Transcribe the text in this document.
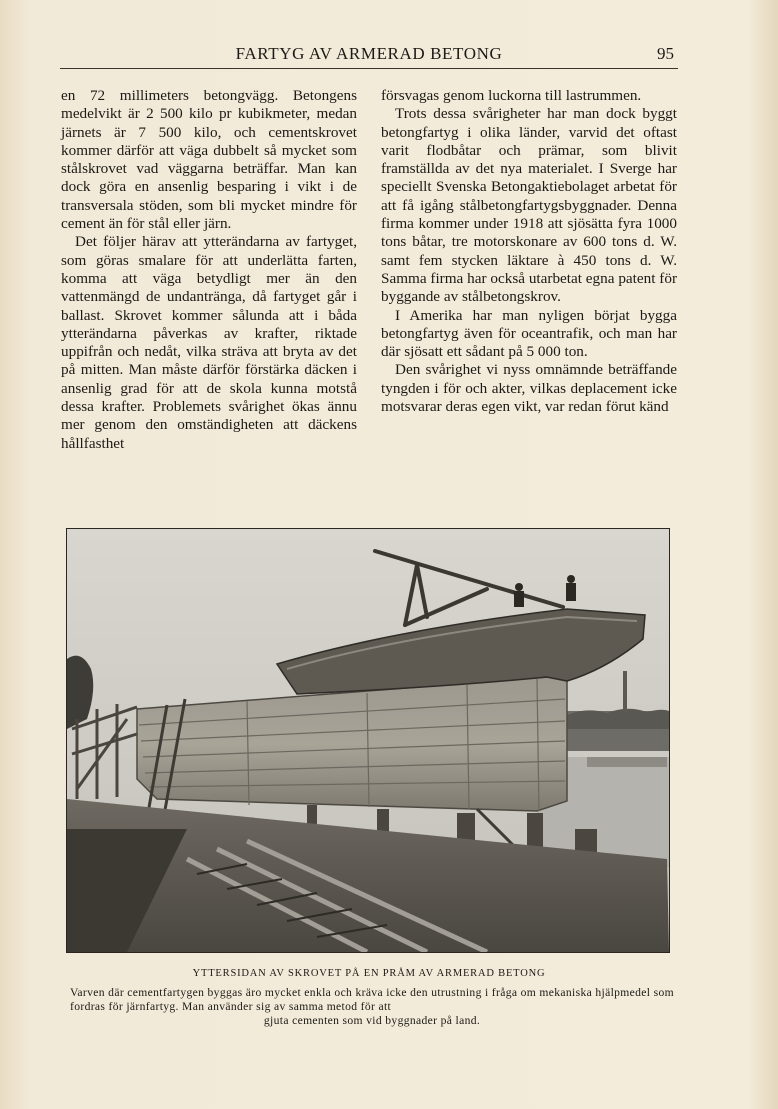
FARTYG AV ARMERAD BETONG	95

en 72 millimeters betongvägg. Betongens medelvikt är 2 500 kilo pr kubikmeter, medan järnets är 7 500 kilo, och cementskrovet kommer därför att väga dubbelt så mycket som stålskrovet vad väggarna beträffar. Man kan dock göra en ansenlig besparing i vikt i de transversala stöden, som bli mycket mindre för cement än för stål eller järn.

Det följer härav att ytterändarna av fartyget, som göras smalare för att underlätta farten, komma att väga betydligt mer än den vattenmängd de undantränga, då fartyget går i ballast. Skrovet kommer sålunda att i båda ytterändarna påverkas av krafter, riktade uppifrån och nedåt, vilka sträva att bryta av det på mitten. Man måste därför förstärka däcken i ansenlig grad för att de skola kunna motstå dessa krafter. Problemets svårighet ökas ännu mer genom den omständigheten att däckens hållfasthet

försvagas genom luckorna till lastrummen.

Trots dessa svårigheter har man dock byggt betongfartyg i olika länder, varvid det oftast varit flodbåtar och prämar, som blivit framställda av det nya materialet. I Sverge har speciellt Svenska Betongaktiebolaget arbetat för att få igång stålbetongfartygsbyggnader. Denna firma kommer under 1918 att sjösätta fyra 1000 tons båtar, tre motorskonare av 600 tons d. W. samt fem stycken läktare à 450 tons d. W. Samma firma har också utarbetat egna patent för byggande av stålbetongskrov.

I Amerika har man nyligen börjat bygga betongfartyg även för oceantrafik, och man har där sjösatt ett sådant på 5 000 ton.

Den svårighet vi nyss omnämnde beträffande tyngden i för och akter, vilkas deplacement icke motsvarar deras egen vikt, var redan förut känd

YTTERSIDAN AV SKROVET PÅ EN PRÅM AV ARMERAD BETONG
Varven där cementfartygen byggas äro mycket enkla och kräva icke den utrustning i fråga om mekaniska hjälpmedel som fordras för järnfartyg. Man använder sig av samma metod för att
gjuta cementen som vid byggnader på land.
